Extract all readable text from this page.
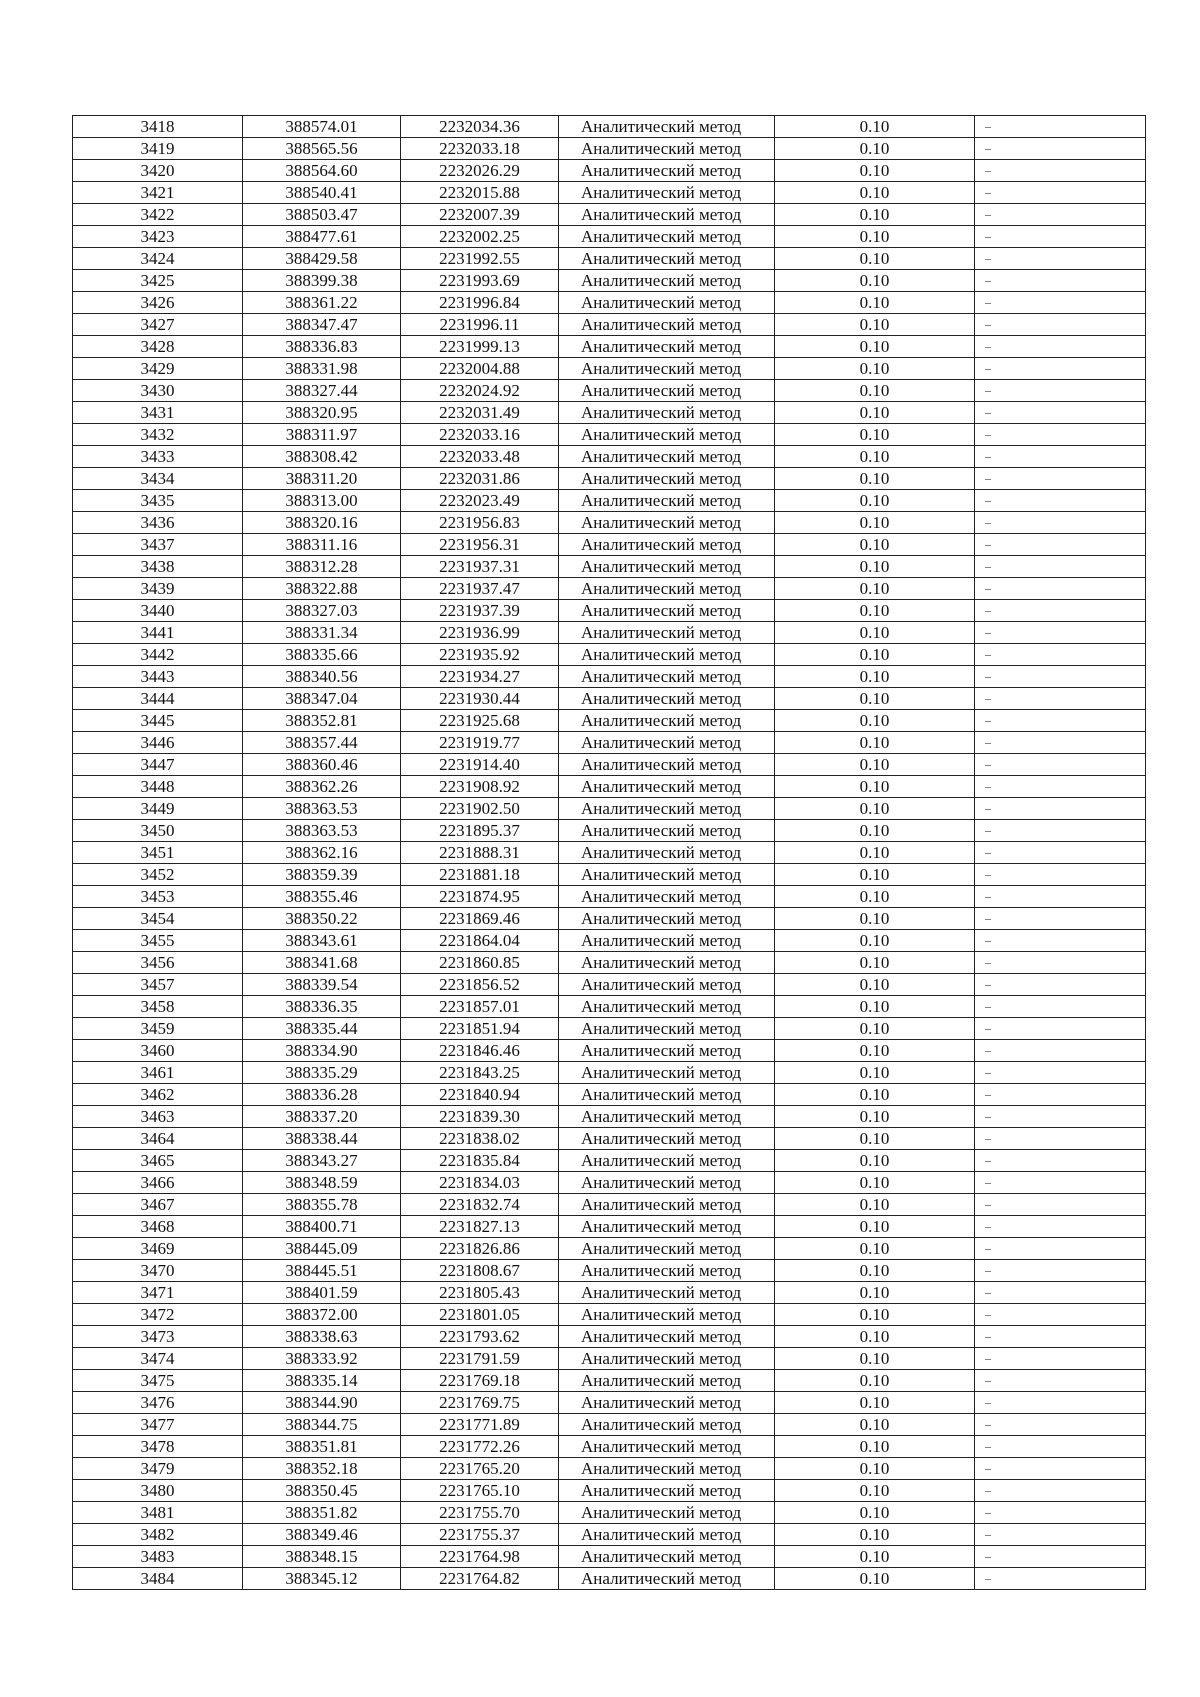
3418	388574.01	2232034.36	Аналитический метод	0.10	–
3419	388565.56	2232033.18	Аналитический метод	0.10	–
3420	388564.60	2232026.29	Аналитический метод	0.10	–
3421	388540.41	2232015.88	Аналитический метод	0.10	–
3422	388503.47	2232007.39	Аналитический метод	0.10	–
3423	388477.61	2232002.25	Аналитический метод	0.10	–
3424	388429.58	2231992.55	Аналитический метод	0.10	–
3425	388399.38	2231993.69	Аналитический метод	0.10	–
3426	388361.22	2231996.84	Аналитический метод	0.10	–
3427	388347.47	2231996.11	Аналитический метод	0.10	–
3428	388336.83	2231999.13	Аналитический метод	0.10	–
3429	388331.98	2232004.88	Аналитический метод	0.10	–
3430	388327.44	2232024.92	Аналитический метод	0.10	–
3431	388320.95	2232031.49	Аналитический метод	0.10	–
3432	388311.97	2232033.16	Аналитический метод	0.10	–
3433	388308.42	2232033.48	Аналитический метод	0.10	–
3434	388311.20	2232031.86	Аналитический метод	0.10	–
3435	388313.00	2232023.49	Аналитический метод	0.10	–
3436	388320.16	2231956.83	Аналитический метод	0.10	–
3437	388311.16	2231956.31	Аналитический метод	0.10	–
3438	388312.28	2231937.31	Аналитический метод	0.10	–
3439	388322.88	2231937.47	Аналитический метод	0.10	–
3440	388327.03	2231937.39	Аналитический метод	0.10	–
3441	388331.34	2231936.99	Аналитический метод	0.10	–
3442	388335.66	2231935.92	Аналитический метод	0.10	–
3443	388340.56	2231934.27	Аналитический метод	0.10	–
3444	388347.04	2231930.44	Аналитический метод	0.10	–
3445	388352.81	2231925.68	Аналитический метод	0.10	–
3446	388357.44	2231919.77	Аналитический метод	0.10	–
3447	388360.46	2231914.40	Аналитический метод	0.10	–
3448	388362.26	2231908.92	Аналитический метод	0.10	–
3449	388363.53	2231902.50	Аналитический метод	0.10	–
3450	388363.53	2231895.37	Аналитический метод	0.10	–
3451	388362.16	2231888.31	Аналитический метод	0.10	–
3452	388359.39	2231881.18	Аналитический метод	0.10	–
3453	388355.46	2231874.95	Аналитический метод	0.10	–
3454	388350.22	2231869.46	Аналитический метод	0.10	–
3455	388343.61	2231864.04	Аналитический метод	0.10	–
3456	388341.68	2231860.85	Аналитический метод	0.10	–
3457	388339.54	2231856.52	Аналитический метод	0.10	–
3458	388336.35	2231857.01	Аналитический метод	0.10	–
3459	388335.44	2231851.94	Аналитический метод	0.10	–
3460	388334.90	2231846.46	Аналитический метод	0.10	–
3461	388335.29	2231843.25	Аналитический метод	0.10	–
3462	388336.28	2231840.94	Аналитический метод	0.10	–
3463	388337.20	2231839.30	Аналитический метод	0.10	–
3464	388338.44	2231838.02	Аналитический метод	0.10	–
3465	388343.27	2231835.84	Аналитический метод	0.10	–
3466	388348.59	2231834.03	Аналитический метод	0.10	–
3467	388355.78	2231832.74	Аналитический метод	0.10	–
3468	388400.71	2231827.13	Аналитический метод	0.10	–
3469	388445.09	2231826.86	Аналитический метод	0.10	–
3470	388445.51	2231808.67	Аналитический метод	0.10	–
3471	388401.59	2231805.43	Аналитический метод	0.10	–
3472	388372.00	2231801.05	Аналитический метод	0.10	–
3473	388338.63	2231793.62	Аналитический метод	0.10	–
3474	388333.92	2231791.59	Аналитический метод	0.10	–
3475	388335.14	2231769.18	Аналитический метод	0.10	–
3476	388344.90	2231769.75	Аналитический метод	0.10	–
3477	388344.75	2231771.89	Аналитический метод	0.10	–
3478	388351.81	2231772.26	Аналитический метод	0.10	–
3479	388352.18	2231765.20	Аналитический метод	0.10	–
3480	388350.45	2231765.10	Аналитический метод	0.10	–
3481	388351.82	2231755.70	Аналитический метод	0.10	–
3482	388349.46	2231755.37	Аналитический метод	0.10	–
3483	388348.15	2231764.98	Аналитический метод	0.10	–
3484	388345.12	2231764.82	Аналитический метод	0.10	–
